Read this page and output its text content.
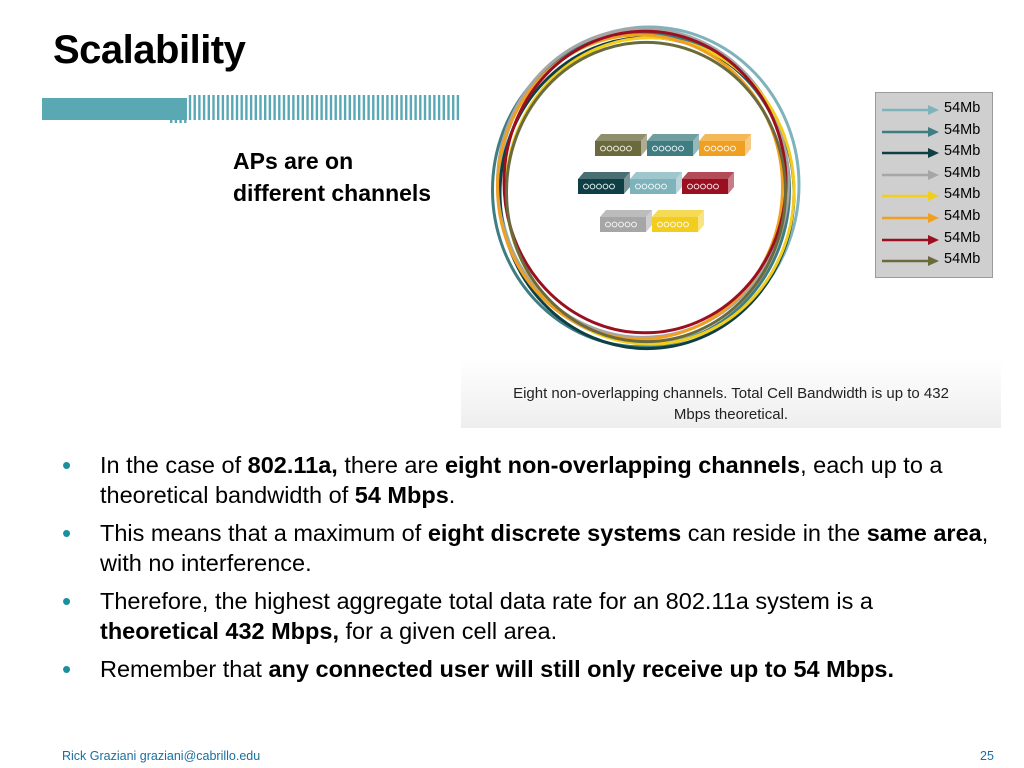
Scalability
APs are on
different channels
54Mb
54Mb
54Mb
54Mb
54Mb
54Mb
54Mb
54Mb
Eight non-overlapping channels. Total Cell Bandwidth is up to 432
Mbps theoretical.
• In the case of 802.11a, there are eight non-overlapping channels, each up to a theoretical bandwidth of 54 Mbps.
• This means that a maximum of eight discrete systems can reside in the same area, with no interference.
• Therefore, the highest aggregate total data rate for an 802.11a system is a theoretical 432 Mbps, for a given cell area.
• Remember that any connected user will still only receive up to 54 Mbps.
Rick Graziani graziani@cabrillo.edu	25
